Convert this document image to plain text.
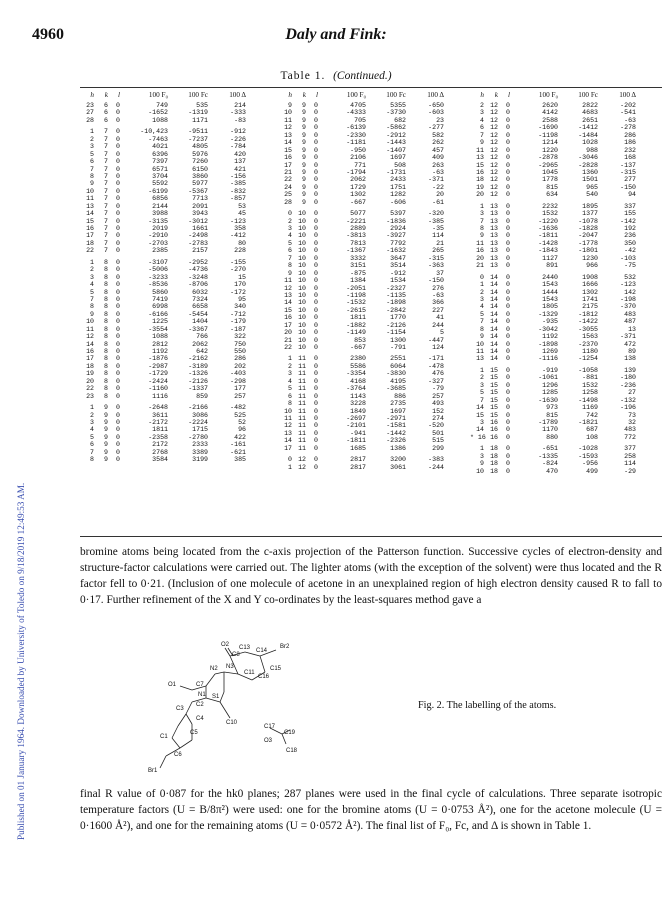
Published on 01 January 1964. Downloaded by University of Toledo on 9/18/2019 12:49:53 AM.
4960	Daly and Fink:
Table 1. (Continued.)
h	k	l	100 F₀	100 Fc	100 Δ
23	6	0	749	535	214
27	6	0	-1652	-1319	-333
28	6	0	1088	1171	-83
1	7	0	-10,423	-9511	-912
2	7	0	-7463	-7237	-226
3	7	0	4021	4805	-784
5	7	0	6396	5976	420
6	7	0	7397	7260	137
7	7	0	6571	6150	421
8	7	0	3704	3860	-156
9	7	0	5592	5977	-385
10	7	0	-6199	-5367	-832
11	7	0	6856	7713	-857
13	7	0	2144	2091	53
14	7	0	3988	3943	45
15	7	0	-3135	-3012	-123
16	7	0	2019	1661	358
17	7	0	-2910	-2498	-412
18	7	0	-2703	-2783	80
22	7	0	2385	2157	228
1	8	0	-3107	-2952	-155
2	8	0	-5006	-4736	-270
3	8	0	-3233	-3248	15
4	8	0	-8536	-8706	170
5	8	0	5860	6032	-172
7	8	0	7419	7324	95
8	8	0	6998	6658	340
9	8	0	-6166	-5454	-712
10	8	0	1225	1404	-179
11	8	0	-3554	-3367	-187
12	8	0	1088	766	322
14	8	0	2812	2062	750
16	8	0	1192	642	550
17	8	0	-1876	-2162	286
18	8	0	-2987	-3189	202
19	8	0	-1729	-1326	-403
20	8	0	-2424	-2126	-298
22	8	0	-1160	-1337	177
23	8	0	1116	859	257
1	9	0	-2648	-2166	-482
2	9	0	3611	3086	525
3	9	0	-2172	-2224	52
4	9	0	1811	1715	96
5	9	0	-2358	-2780	422
6	9	0	2172	2333	-161
7	9	0	2768	3389	-621
8	9	0	3584	3199	385
h	k	l	100 F₀	100 Fc	100 Δ
9	9	0	4705	5355	-650
10	9	0	-4333	-3730	-603
11	9	0	705	682	23
12	9	0	-6139	-5862	-277
13	9	0	-2330	-2912	582
14	9	0	-1181	-1443	262
15	9	0	-950	-1407	457
16	9	0	2106	1697	409
17	9	0	771	508	263
21	9	0	-1794	-1731	-63
22	9	0	2062	2433	-371
24	9	0	1729	1751	-22
25	9	0	1302	1282	20
28	9	0	-667	-606	-61
0 10	0	5077	5397	-320
2 10	0	-2221	-1836	-385
3 10	0	2889	2924	-35
4 10	0	-3813	-3927	114
5 10	0	7813	7792	21
6 10	0	-1367	-1632	265
7 10	0	3332	3647	-315
8 10	0	3151	3514	-363
9 10	0	-875	-912	37
11 10	0	1384	1534	-150
12 10	0	-2051	-2327	276
13 10	0	-1198	-1135	-63
14 10	0	-1532	-1898	366
15 10	0	-2615	-2842	227
16 10	0	1811	1770	41
17 10	0	-1882	-2126	244
20 10	0	-1149	-1154	5
21 10	0	853	1300	-447
22 10	0	-667	-791	124
1 11	0	2380	2551	-171
2 11	0	5586	6064	-478
3 11	0	-3354	-3830	476
4 11	0	4168	4195	-327
5 11	0	-3764	-3685	-79
6 11	0	1143	886	257
8 11	0	3228	2735	493
10 11	0	1849	1697	152
11 11	0	-2697	-2971	274
12 11	0	-2101	-1581	-520
13 11	0	-941	-1442	501
14 11	0	-1811	-2326	515
17 11	0	1685	1386	299
0 12	0	2817	3200	-383
1 12	0	2817	3061	-244
h	k	l	100 F₀	100 Fc	100 Δ
2 12	0	2620	2822	-202
3 12	0	4142	4683	-541
4 12	0	2588	2651	-63
6 12	0	-1690	-1412	-278
7 12	0	-1198	-1484	286
9 12	0	1214	1028	186
11 12	0	1220	988	232
13 12	0	-2878	-3046	168
15 12	0	-2965	-2828	-137
16 12	0	1045	1360	-315
18 12	0	1778	1501	277
19 12	0	815	965	-150
20 12	0	634	540	94
1 13	0	2232	1895	337
3 13	0	1532	1377	155
7 13	0	-1220	-1078	-142
8 13	0	-1636	-1828	192
9 13	0	-1811	-2047	236
11 13	0	-1428	-1778	350
16 13	0	-1843	-1801	-42
20 13	0	1127	1230	-103
21 13	0	891	966	-75
0 14	0	2440	1908	532
1 14	0	1543	1666	-123
2 14	0	1444	1302	142
3 14	0	1543	1741	-198
4 14	0	1805	2175	-370
5 14	0	-1329	-1812	483
7 14	0	-935	-1422	487
8 14	0	-3042	-3055	13
9 14	0	1192	1563	-371
10 14	0	-1898	-2370	472
11 14	0	1269	1180	89
13 14	0	-1116	-1254	138
1 15	0	-919	-1058	139
2 15	0	-1061	-881	-180
3 15	0	1296	1532	-236
5 15	0	1285	1258	27
7 15	0	-1630	-1498	-132
14 15	0	973	1169	-196
15 15	0	815	742	73
3 16	0	-1789	-1821	32
14 16	0	1170	687	483
* 16 16	0	880	108	772
1 18	0	-651	-1028	377
3 18	0	-1335	-1593	258
9 18	0	-824	-956	114
10 18	0	470	499	-29
bromine atoms being located from the c-axis projection of the Patterson function. Successive cycles of electron-density and structure-factor calculations were carried out. The lighter atoms (with the exception of the solvent) were thus located and the R factor fell to 0·21. (Inclusion of one molecule of acetone in an unexplained region of high electron density caused R to fall to 0·17. Further refinement of the X and Y co-ordinates by the least-squares method gave a
O2
C8
C13 C14
Br2
N2 N3
C11
C16
C15
O1	C7
N1 S1
C2
C3
C4
C10
C17
C19
O3
C18
C5
C1
C6
Br1
Fig. 2. The labelling of the atoms.
final R value of 0·087 for the hk0 planes; 287 planes were used in the final cycle of calculations. Three separate isotropic temperature factors (U = B/8π²) were used: one for the bromine atoms (U = 0·0753 Å²), one for the acetone molecule (U = 0·1600 Å²), and one for the remaining atoms (U = 0·0572 Å²). The final list of F₀, Fc, and Δ is shown in Table 1.
